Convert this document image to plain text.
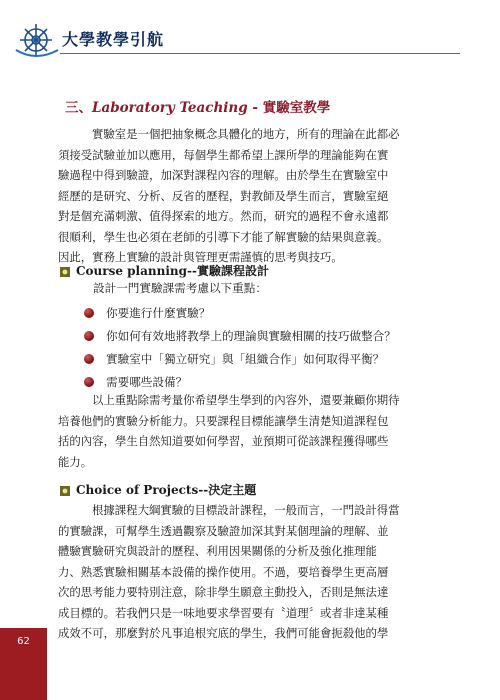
大學教學引航
三、Laboratory Teaching - 實驗室教學
實驗室是一個把抽象概念具體化的地方，所有的理論在此都必
須接受試驗並加以應用，每個學生都希望上課所學的理論能夠在實
驗過程中得到驗證，加深對課程內容的理解。由於學生在實驗室中
經歷的是研究、分析、反省的歷程，對教師及學生而言，實驗室絕
對是個充滿刺激、值得探索的地方。然而，研究的過程不會永遠都
很順利，學生也必須在老師的引導下才能了解實驗的結果與意義。
因此，實務上實驗的設計與管理更需謹慎的思考與技巧。
Course planning -- 實驗課程設計
設計一門實驗課需考慮以下重點：
你要進行什麼實驗？
你如何有效地將教學上的理論與實驗相關的技巧做整合？
實驗室中「獨立研究」與「組織合作」如何取得平衡？
需要哪些設備？
以上重點除需考量你希望學生學到的內容外，還要兼顧你期待
培養他們的實驗分析能力。只要課程目標能讓學生清楚知道課程包
括的內容，學生自然知道要如何學習，並預期可從該課程獲得哪些
能力。
Choice of Projects -- 決定主題
根據課程大綱實驗的目標設計課程，一般而言，一門設計得當
的實驗課，可幫學生透過觀察及驗證加深其對某個理論的理解、並
體驗實驗研究與設計的歷程、利用因果關係的分析及強化推理能
力、熟悉實驗相關基本設備的操作使用。不過，要培養學生更高層
次的思考能力要特別注意，除非學生願意主動投入，否則是無法達
成目標的。若我們只是一味地要求學習要有〝道理〞或者非達某種
成效不可，那麼對於凡事追根究底的學生，我們可能會扼殺他的學
62
